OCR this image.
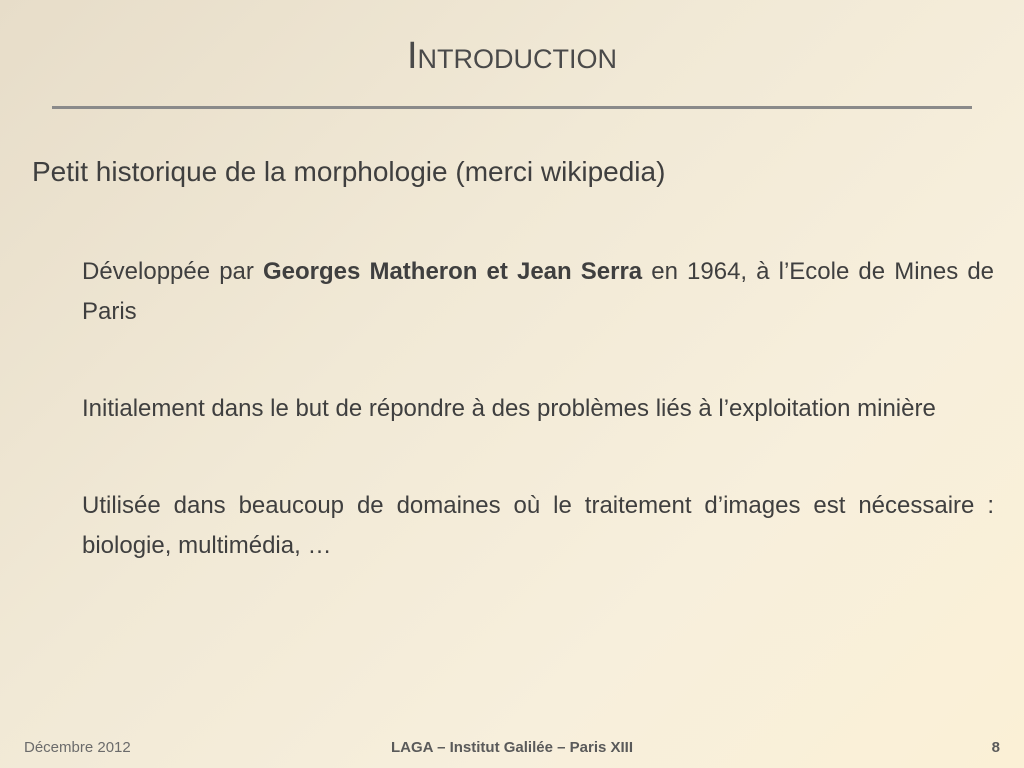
Introduction

Petit historique de la morphologie (merci wikipedia)

Développée par Georges Matheron et Jean Serra en 1964, à l’Ecole de Mines de Paris
Initialement dans le but de répondre à des problèmes liés à l’exploitation minière
Utilisée dans beaucoup de domaines où le traitement d’images est nécessaire : biologie, multimédia, …
Décembre 2012	LAGA – Institut Galilée – Paris XIII	8
